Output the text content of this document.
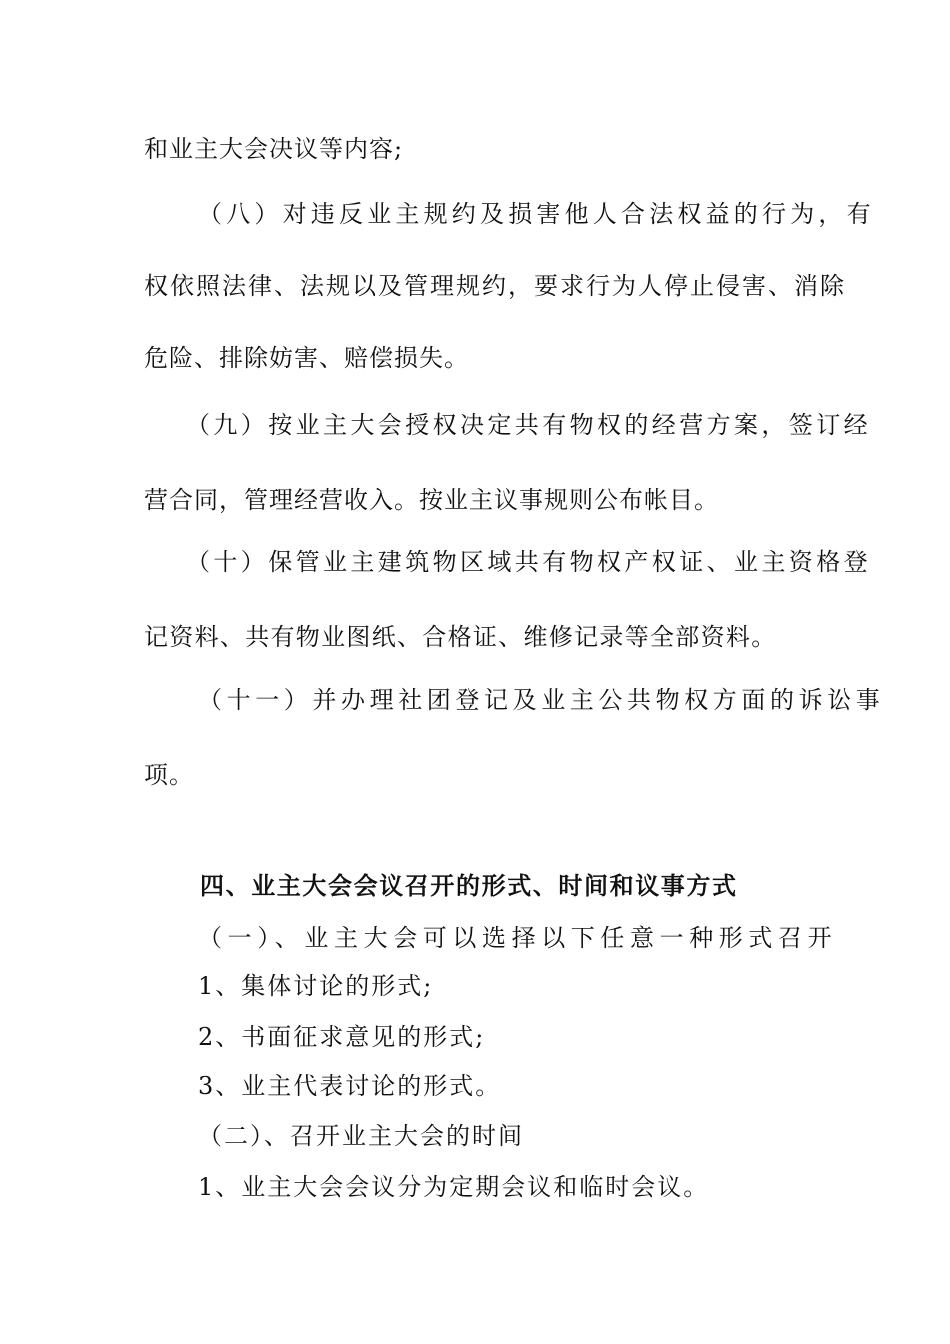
和业主大会决议等内容;
（八）对违反业主规约及损害他人合法权益的行为，有
权依照法律、法规以及管理规约，要求行为人停止侵害、消除
危险、排除妨害、赔偿损失。
（九）按业主大会授权决定共有物权的经营方案，签订经
营合同，管理经营收入。按业主议事规则公布帐目。
（十）保管业主建筑物区域共有物权产权证、业主资格登
记资料、共有物业图纸、合格证、维修记录等全部资料。
（十一）并办理社团登记及业主公共物权方面的诉讼事
项。
四、业主大会会议召开的形式、时间和议事方式
（一）、业主大会可以选择以下任意一种形式召开
1、集体讨论的形式;
2、书面征求意见的形式;
3、业主代表讨论的形式。
（二）、召开业主大会的时间
1、业主大会会议分为定期会议和临时会议。
